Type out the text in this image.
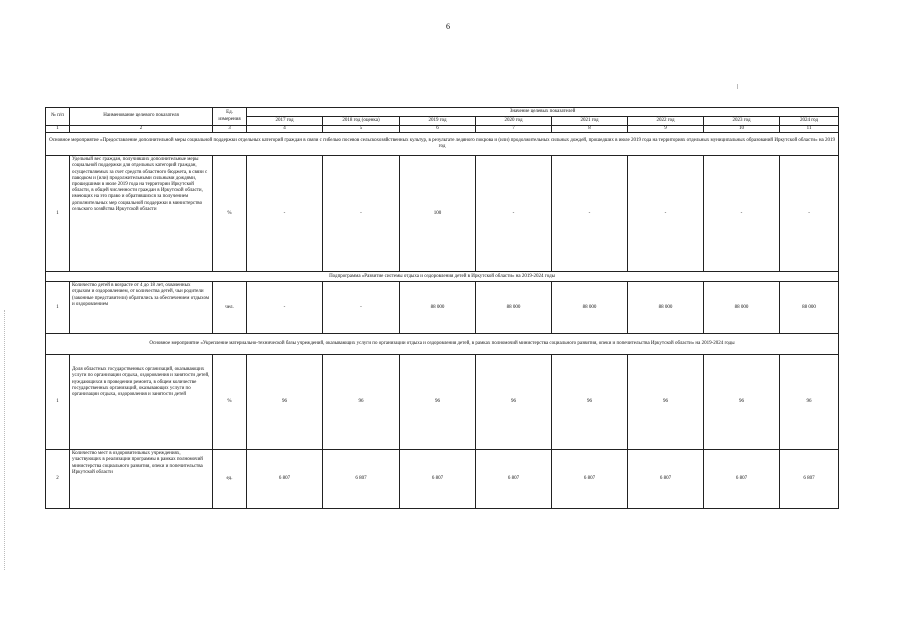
6
№ п/п	Наименование целевого показателя	Ед. измерения	Значение целевых показателей							
			2017 год	2018 год (оценка)	2019 год	2020 год	2021 год	2022 год	2023 год	2024 год
1	2	3	4	5	6	7	8	9	10	11
Основное мероприятие «Предоставление дополнительной меры социальной поддержки отдельных категорий граждан в связи с гибелью посевов сельскохозяйственных культур, в результате ледяного покрова и (или) продолжительных сильных дождей, прошедших в июле 2019 года на территориях отдельных муниципальных образований Иркутской области» на 2019 год										
1	Удельный вес граждан, получивших дополнительные меры социальной поддержки для отдельных категорий граждан, осуществляемых за счет средств областного бюджета, в связи с паводком и (или) продолжительными сильными дождями, прошедшими в июле 2019 года на территории Иркутской области, в общей численности граждан в Иркутской области, имеющих на это право и обратившихся за получением дополнительных мер социальной поддержки в министерство сельского хозяйства Иркутской области	%	-	-	100	-	-	-	-	-
Подпрограмма «Развитие системы отдыха и оздоровления детей в Иркутской области» на 2019-2024 годы										
1	Количество детей в возрасте от 4 до 18 лет, охваченных отдыхом и оздоровлением, от количества детей, чьи родители (законные представители) обратились за обеспечением отдыхом и оздоровлением	чел.	-	-	88 000	88 000	88 000	88 000	88 000	88 000
Основное мероприятие «Укрепление материально-технической базы учреждений, оказывающих услуги по организации отдыха и оздоровления детей, в рамках полномочий министерства социального развития, опеки и попечительства Иркутской области» на 2019-2024 годы										
1	Доля областных государственных организаций, оказывающих услуги по организации отдыха, оздоровления и занятости детей, нуждающихся в проведении ремонта, в общем количестве государственных организаций, оказывающих услуги по организации отдыха, оздоровления и занятости детей	%	96	96	96	96	96	96	96	96
2	Количество мест в оздоровительных учреждениях, участвующих в реализации программы в рамках полномочий министерства социального развития, опеки и попечительства Иркутской области	ед.	6 807	6 807	6 807	6 807	6 807	6 807	6 807	6 807
